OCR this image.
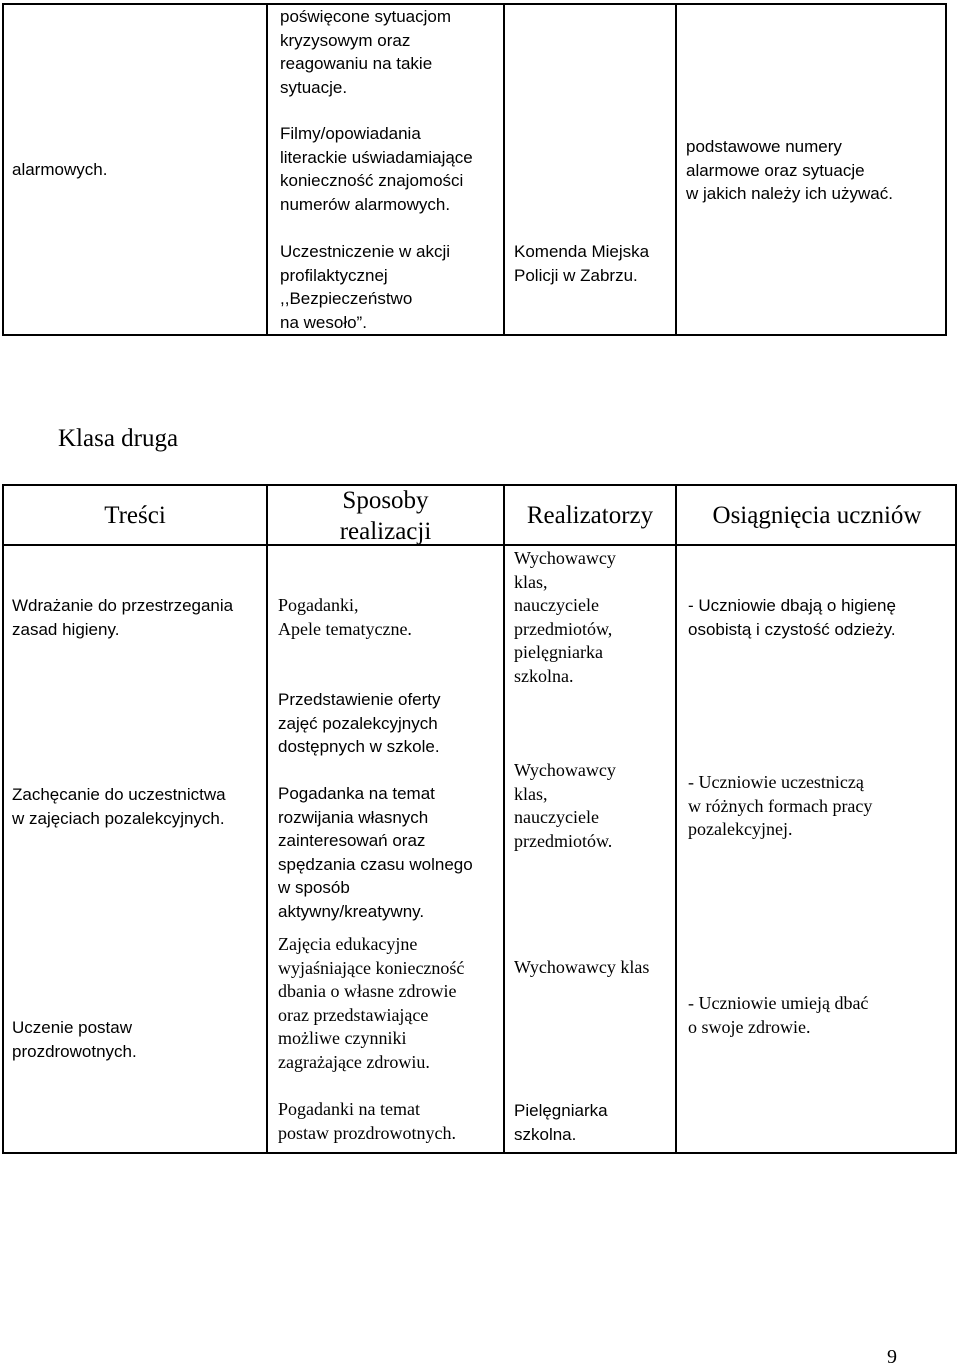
alarmowych.
poświęcone sytuacjom
kryzysowym oraz
reagowaniu na takie
sytuacje.
Filmy/opowiadania
literackie uświadamiające
konieczność znajomości
numerów alarmowych.
Uczestniczenie w akcji
profilaktycznej
,,Bezpieczeństwo
na wesoło”.
Komenda Miejska
Policji w Zabrzu.
podstawowe numery
alarmowe oraz sytuacje
w jakich należy ich używać.
Klasa druga
Treści
Sposoby
realizacji
Realizatorzy	Osiągnięcia uczniów
Wdrażanie do przestrzegania
zasad higieny.
Pogadanki,
Apele tematyczne.
Wychowawcy
klas,
nauczyciele
przedmiotów,
pielęgniarka
szkolna.
- Uczniowie dbają o higienę
osobistą i czystość odzieży.
Zachęcanie do uczestnictwa
w zajęciach pozalekcyjnych.
Przedstawienie oferty
zajęć pozalekcyjnych
dostępnych w szkole.
Pogadanka na temat
rozwijania własnych
zainteresowań oraz
spędzania czasu wolnego
w sposób
aktywny/kreatywny.
Wychowawcy
klas,
nauczyciele
przedmiotów.
- Uczniowie uczestniczą
w różnych formach pracy
pozalekcyjnej.
Uczenie postaw
prozdrowotnych.
Zajęcia edukacyjne
wyjaśniające konieczność
dbania o własne zdrowie
oraz przedstawiające
możliwe czynniki
zagrażające zdrowiu.
Pogadanki na temat
postaw prozdrowotnych.
Wychowawcy klas
Pielęgniarka
szkolna.
- Uczniowie umieją dbać
o swoje zdrowie.
9
